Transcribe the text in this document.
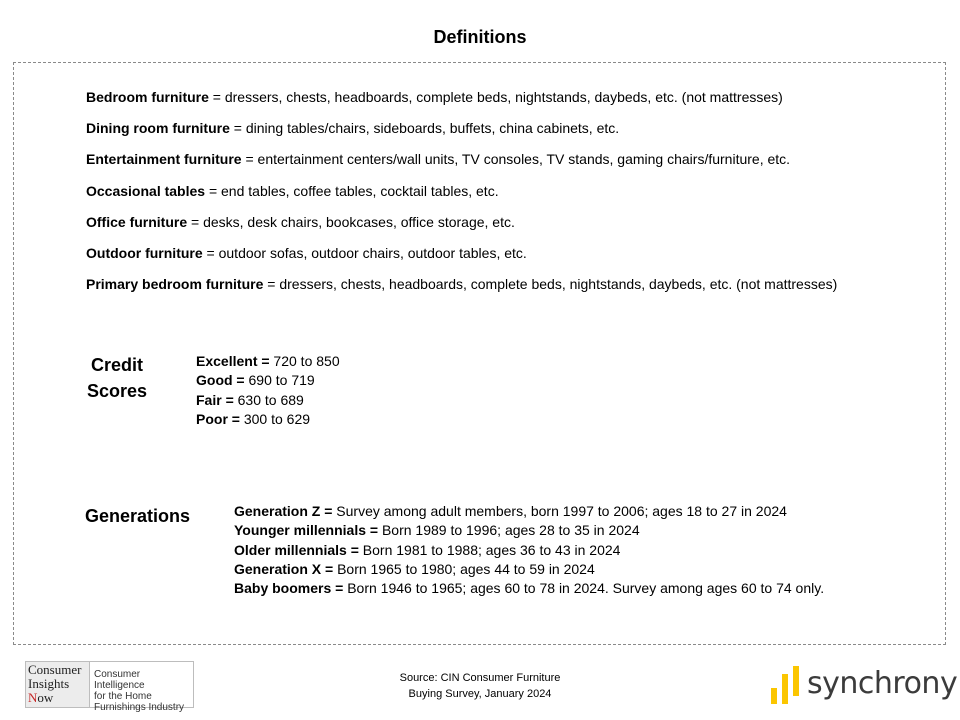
Definitions
Bedroom furniture = dressers, chests, headboards, complete beds, nightstands, daybeds, etc. (not mattresses)
Dining room furniture = dining tables/chairs, sideboards, buffets, china cabinets, etc.
Entertainment furniture = entertainment centers/wall units, TV consoles, TV stands, gaming chairs/furniture, etc.
Occasional tables = end tables, coffee tables, cocktail tables, etc.
Office furniture = desks, desk chairs, bookcases, office storage, etc.
Outdoor furniture = outdoor sofas, outdoor chairs, outdoor tables, etc.
Primary bedroom furniture = dressers, chests, headboards, complete beds, nightstands, daybeds, etc. (not mattresses)
Credit
Scores
Excellent = 720 to 850
Good = 690 to 719
Fair = 630 to 689
Poor = 300 to 629
Generations	Generation Z = Survey among adult members, born 1997 to 2006; ages 18 to 27 in 2024
Younger millennials = Born 1989 to 1996; ages 28 to 35 in 2024
Older millennials = Born 1981 to 1988; ages 36 to 43 in 2024
Generation X = Born 1965 to 1980; ages 44 to 59 in 2024
Baby boomers = Born 1946 to 1965; ages 60 to 78 in 2024. Survey among ages 60 to 74 only.
Consumer
Insights
Now
Consumer Intelligence
for the Home
Furnishings Industry
Source: CIN Consumer Furniture
Buying Survey, January 2024	synchrony
